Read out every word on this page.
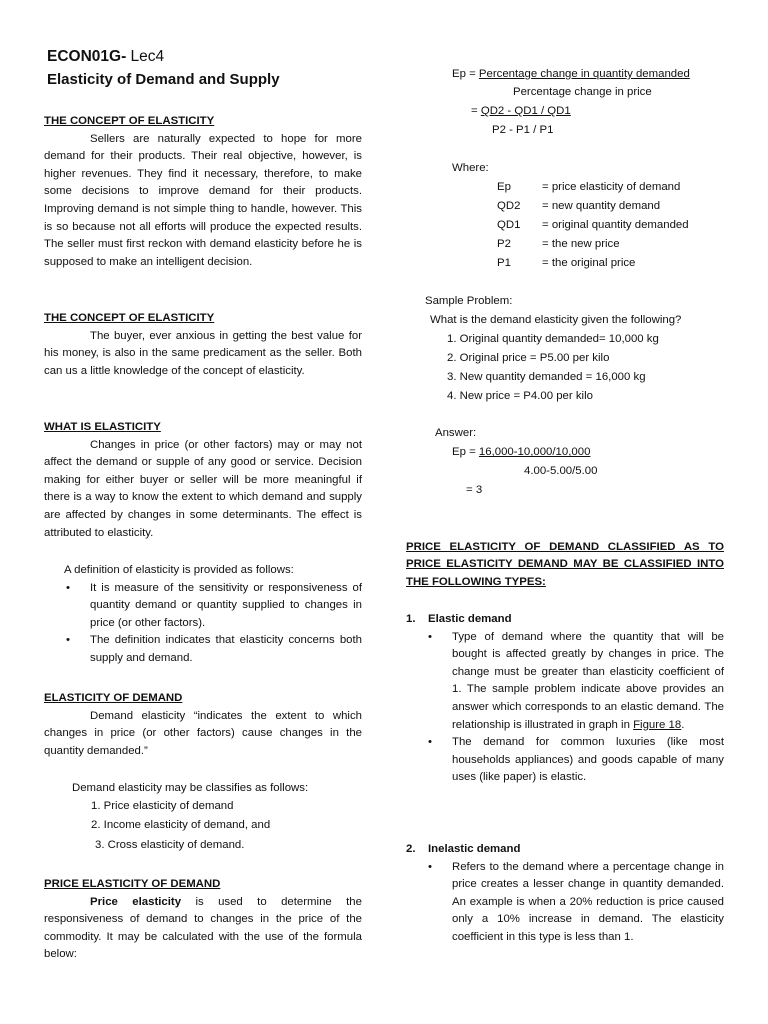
ECON01G- Lec4
Elasticity of Demand and Supply
THE CONCEPT OF ELASTICITY
Sellers are naturally expected to hope for more demand for their products. Their real objective, however, is higher revenues. They find it necessary, therefore, to make some decisions to improve demand for their products. Improving demand is not simple thing to handle, however. This is so because not all efforts will produce the expected results. The seller must first reckon with demand elasticity before he is supposed to make an intelligent decision.
THE CONCEPT OF ELASTICITY
The buyer, ever anxious in getting the best value for his money, is also in the same predicament as the seller. Both can us a little knowledge of the concept of elasticity.
WHAT IS ELASTICITY
Changes in price (or other factors) may or may not affect the demand or supple of any good or service. Decision making for either buyer or seller will be more meaningful if there is a way to know the extent to which demand and supply are affected by changes in some determinants. The effect is attributed to elasticity.
A definition of elasticity is provided as follows:
• It is measure of the sensitivity or responsiveness of quantity demand or quantity supplied to changes in price (or other factors).
• The definition indicates that elasticity concerns both supply and demand.
ELASTICITY OF DEMAND
Demand elasticity “indicates the extent to which changes in price (or other factors) cause changes in the quantity demanded.”
Demand elasticity may be classifies as follows:
1. Price elasticity of demand
2. Income elasticity of demand, and
3. Cross elasticity of demand.
PRICE ELASTICITY OF DEMAND
Price elasticity is used to determine the responsiveness of demand to changes in the price of the commodity. It may be calculated with the use of the formula below:
Ep = Percentage change in quantity demanded
Percentage change in price
= QD2 - QD1 / QD1
P2 - P1 / P1
Where:
Ep	= price elasticity of demand
QD2 = new quantity demand
QD1 = original quantity demanded
P2	= the new price
P1	= the original price
Sample Problem:
What is the demand elasticity given the following?
1. Original quantity demanded= 10,000 kg
2. Original price = P5.00 per kilo
3. New quantity demanded = 16,000 kg
4. New price = P4.00 per kilo
Answer:
Ep = 16,000-10,000/10,000
4.00-5.00/5.00
= 3
PRICE ELASTICITY OF DEMAND CLASSIFIED AS TO PRICE ELASTICITY DEMAND MAY BE CLASSIFIED INTO THE FOLLOWING TYPES:
1. Elastic demand
• Type of demand where the quantity that will be bought is affected greatly by changes in price. The change must be greater than elasticity coefficient of 1. The sample problem indicate above provides an answer which corresponds to an elastic demand. The relationship is illustrated in graph in Figure 18.
• The demand for common luxuries (like most households appliances) and goods capable of many uses (like paper) is elastic.
2. Inelastic demand
• Refers to the demand where a percentage change in price creates a lesser change in quantity demanded. An example is when a 20% reduction is price caused only a 10% increase in demand. The elasticity coefficient in this type is less than 1.
